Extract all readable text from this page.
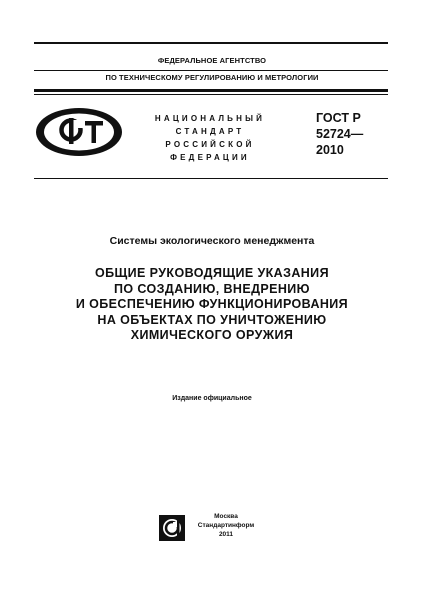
ФЕДЕРАЛЬНОЕ АГЕНТСТВО
ПО ТЕХНИЧЕСКОМУ РЕГУЛИРОВАНИЮ И МЕТРОЛОГИИ
НАЦИОНАЛЬНЫЙ
СТАНДАРТ
РОССИЙСКОЙ
ФЕДЕРАЦИИ
ГОСТ Р
52724—
2010
Системы экологического менеджмента
ОБЩИЕ РУКОВОДЯЩИЕ УКАЗАНИЯ
ПО СОЗДАНИЮ, ВНЕДРЕНИЮ
И ОБЕСПЕЧЕНИЮ ФУНКЦИОНИРОВАНИЯ
НА ОБЪЕКТАХ ПО УНИЧТОЖЕНИЮ
ХИМИЧЕСКОГО ОРУЖИЯ
Издание официальное
Москва
Стандартинформ
2011
